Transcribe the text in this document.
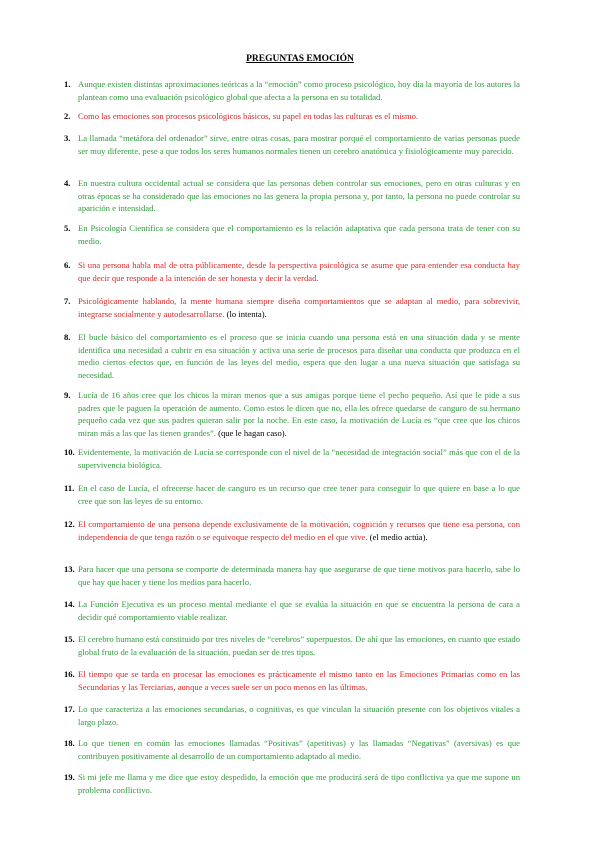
PREGUNTAS EMOCIÓN
1. Aunque existen distintas aproximaciones teóricas a la “emoción” como proceso psicológico, hoy día la mayoría de los autores la plantean como una evaluación psicológico global que afecta a la persona en su totalidad.

2. Como las emociones son procesos psicológicos básicos, su papel en todas las culturas es el mismo.

3. La llamada “metáfora del ordenador” sirve, entre otras cosas, para mostrar porqué el comportamiento de varias personas puede ser muy diferente, pese a que todos los seres humanos normales tienen un cerebro anatómica y fisiológicamente muy parecido.

4. En nuestra cultura occidental actual se considera que las personas deben controlar sus emociones, pero en otras culturas y en otras épocas se ha considerado que las emociones no las genera la propia persona y, por tanto, la persona no puede controlar su aparición e intensidad.

5. En Psicología Científica se considera que el comportamiento es la relación adaptativa que cada persona trata de tener con su medio.

6. Si una persona habla mal de otra públicamente, desde la perspectiva psicológica se asume que para entender esa conducta hay que decir que responde a la intención de ser honesta y decir la verdad.

7. Psicológicamente hablando, la mente humana siempre diseña comportamientos que se adaptan al medio, para sobrevivir, integrarse socialmente y autodesarrollarse. (lo intenta).

8. El bucle básico del comportamiento es el proceso que se inicia cuando una persona está en una situación dada y se mente identifica una necesidad a cubrir en esa situación y activa una serie de procesos para diseñar una conducta que produzca en el medio ciertos efectos que, en función de las leyes del medio, espera que den lugar a una nueva situación que satisfaga su necesidad.

9. Lucía de 16 años cree que los chicos la miran menos que a sus amigas porque tiene el pecho pequeño. Así que le pide a sus padres que le paguen la operación de aumento. Como estos le dicen que no, ella les ofrece quedarse de canguro de su hermano pequeño cada vez que sus padres quieran salir por la noche. En este caso, la motivación de Lucía es “que cree que los chicos miran más a las que las tienen grandes”. (que le hagan caso).

10. Evidentemente, la motivación de Lucía se corresponde con el nivel de la “necesidad de integración social” más que con el de la supervivencia biológica.

11. En el caso de Lucía, el ofrecerse hacer de canguro es un recurso que cree tener para conseguir lo que quiere en base a lo que cree que son las leyes de su entorno.

12. El comportamiento de una persona depende exclusivamente de la motivación, cognición y recursos que tiene esa persona, con independencia de que tenga razón o se equivoque respecto del medio en el que vive. (el medio actúa).

13. Para hacer que una persona se comporte de determinada manera hay que asegurarse de que tiene motivos para hacerlo, sabe lo que hay que hacer y tiene los medios para hacerlo.

14. La Función Ejecutiva es un proceso mental mediante el que se evalúa la situación en que se encuentra la persona de cara a decidir qué comportamiento viable realizar.

15. El cerebro humano está constituido por tres niveles de “cerebros” superpuestos. De ahí que las emociones, en cuanto que estado global fruto de la evaluación de la situación, puedan ser de tres tipos.

16. El tiempo que se tarda en procesar las emociones es prácticamente el mismo tanto en las Emociones Primarias como en las Secundarias y las Terciarias, aunque a veces suele ser un poco menos en las últimas.

17. Lo que caracteriza a las emociones secundarias, o cognitivas, es que vinculan la situación presente con los objetivos vitales a largo plazo.

18. Lo que tienen en común las emociones llamadas “Positivas” (apetitivas) y las llamadas “Negativas” (aversivas) es que contribuyen positivamente al desarrollo de un comportamiento adaptado al medio.

19. Si mi jefe me llama y me dice que estoy despedido, la emoción que me producirá será de tipo conflictiva ya que me supone un problema conflictivo.
